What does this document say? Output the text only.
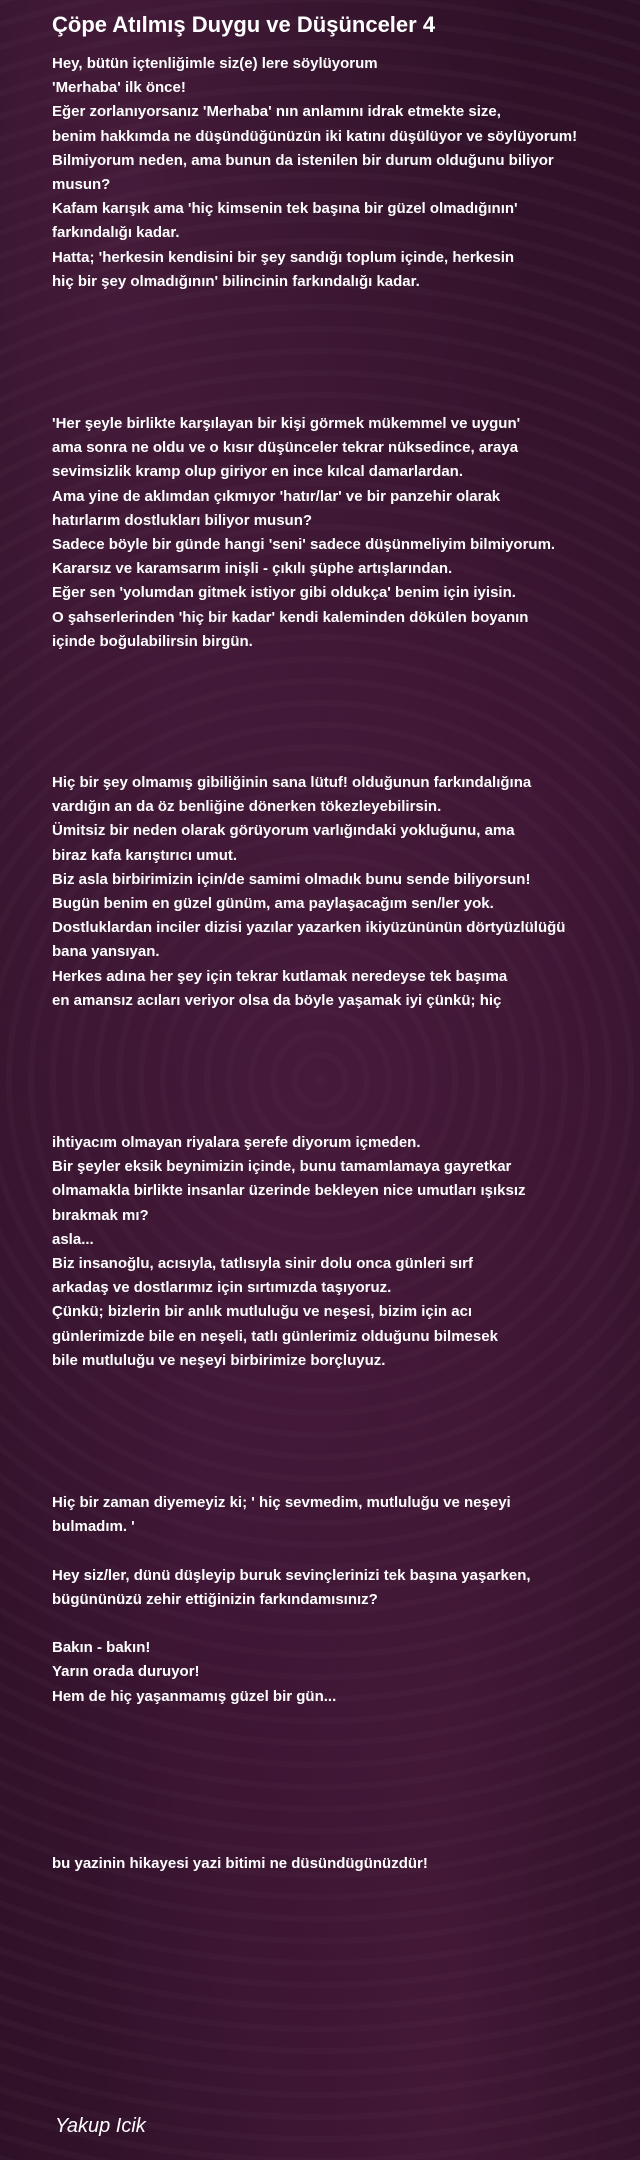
Çöpe Atılmış Duygu ve Düşünceler 4
Hey, bütün içtenliğimle siz(e) lere söylüyorum
'Merhaba' ilk önce!
Eğer zorlanıyorsanız 'Merhaba' nın anlamını idrak etmekte size,
benim hakkımda ne düşündüğünüzün iki katını düşülüyor ve söylüyorum!
Bilmiyorum neden, ama bunun da istenilen bir durum olduğunu biliyor
musun?
Kafam karışık ama 'hiç kimsenin tek başına bir güzel olmadığının'
farkındalığı kadar.
Hatta; 'herkesin kendisini bir şey sandığı toplum içinde, herkesin
hiç bir şey olmadığının' bilincinin farkındalığı kadar.
'Her şeyle birlikte karşılayan bir kişi görmek mükemmel ve uygun'
ama sonra ne oldu ve o kısır düşünceler tekrar nüksedince, araya
sevimsizlik kramp olup giriyor en ince kılcal damarlardan.
Ama yine de aklımdan çıkmıyor 'hatır/lar' ve bir panzehir olarak
hatırlarım dostlukları biliyor musun?
Sadece böyle bir günde hangi 'seni' sadece düşünmeliyim bilmiyorum.
Kararsız ve karamsarım inişli - çıkılı şüphe artışlarından.
Eğer sen 'yolumdan gitmek istiyor gibi oldukça' benim için iyisin.
O şahserlerinden 'hiç bir kadar' kendi kaleminden dökülen boyanın
içinde boğulabilirsin birgün.
Hiç bir şey olmamış gibiliğinin sana lütuf! olduğunun farkındalığına
vardığın an da öz benliğine dönerken tökezleyebilirsin.
Ümitsiz bir neden olarak görüyorum varlığındaki yokluğunu, ama
biraz kafa karıştırıcı umut.
Biz asla birbirimizin için/de samimi olmadık bunu sende biliyorsun!
Bugün benim en güzel günüm, ama paylaşacağım sen/ler yok.
Dostluklardan inciler dizisi yazılar yazarken ikiyüzününün dörtyüzlülüğü
bana yansıyan.
Herkes adına her şey için tekrar kutlamak neredeyse tek başıma
en amansız acıları veriyor olsa da böyle yaşamak iyi çünkü; hiç
ihtiyacım olmayan riyalara şerefe diyorum içmeden.
Bir şeyler eksik beynimizin içinde, bunu tamamlamaya gayretkar
olmamakla birlikte insanlar üzerinde bekleyen nice umutları ışıksız
bırakmak mı?
asla...
Biz insanoğlu, acısıyla, tatlısıyla sinir dolu onca günleri sırf
arkadaş ve dostlarımız için sırtımızda taşıyoruz.
Çünkü; bizlerin bir anlık mutluluğu ve neşesi, bizim için acı
günlerimizde bile en neşeli, tatlı günlerimiz olduğunu bilmesek
bile mutluluğu ve neşeyi birbirimize borçluyuz.
Hiç bir zaman diyemeyiz ki; ' hiç sevmedim, mutluluğu ve neşeyi
bulmadım. '
Hey siz/ler, dünü düşleyip buruk sevinçlerinizi tek başına yaşarken,
bügününüzü zehir ettiğinizin farkındamısınız?
Bakın - bakın!
Yarın orada duruyor!
Hem de hiç yaşanmamış güzel bir gün...
bu yazinin hikayesi yazi bitimi ne düsündügünüzdür!
Yakup Icik
